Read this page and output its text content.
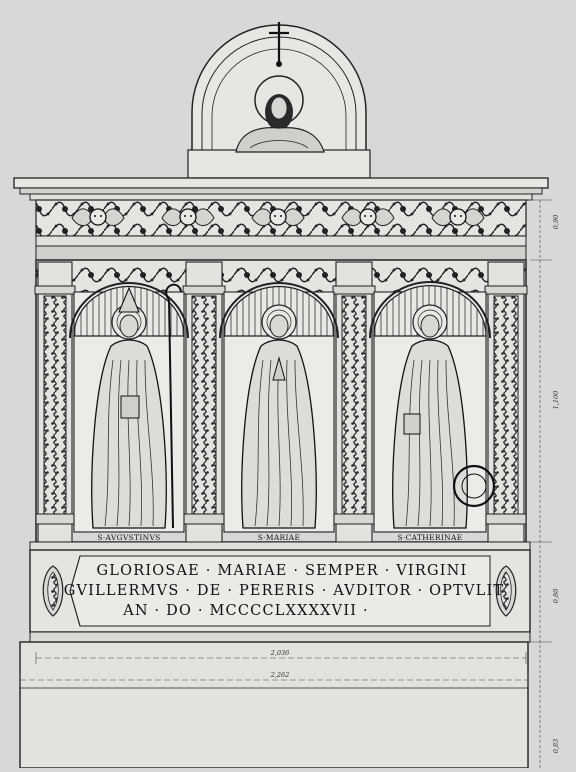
S·AVGVSTINVS	S·MARIAE	S·CATHERINAE
GLORIOSAE · MARIAE · SEMPER · VIRGINI
GVILLERMVS · DE · PERERIS · AVDITOR · OPTVLIT
AN · DO · MCCCCLXXXXVII ·
0,90
1,100
0,80
0,83
2,036
2,262
